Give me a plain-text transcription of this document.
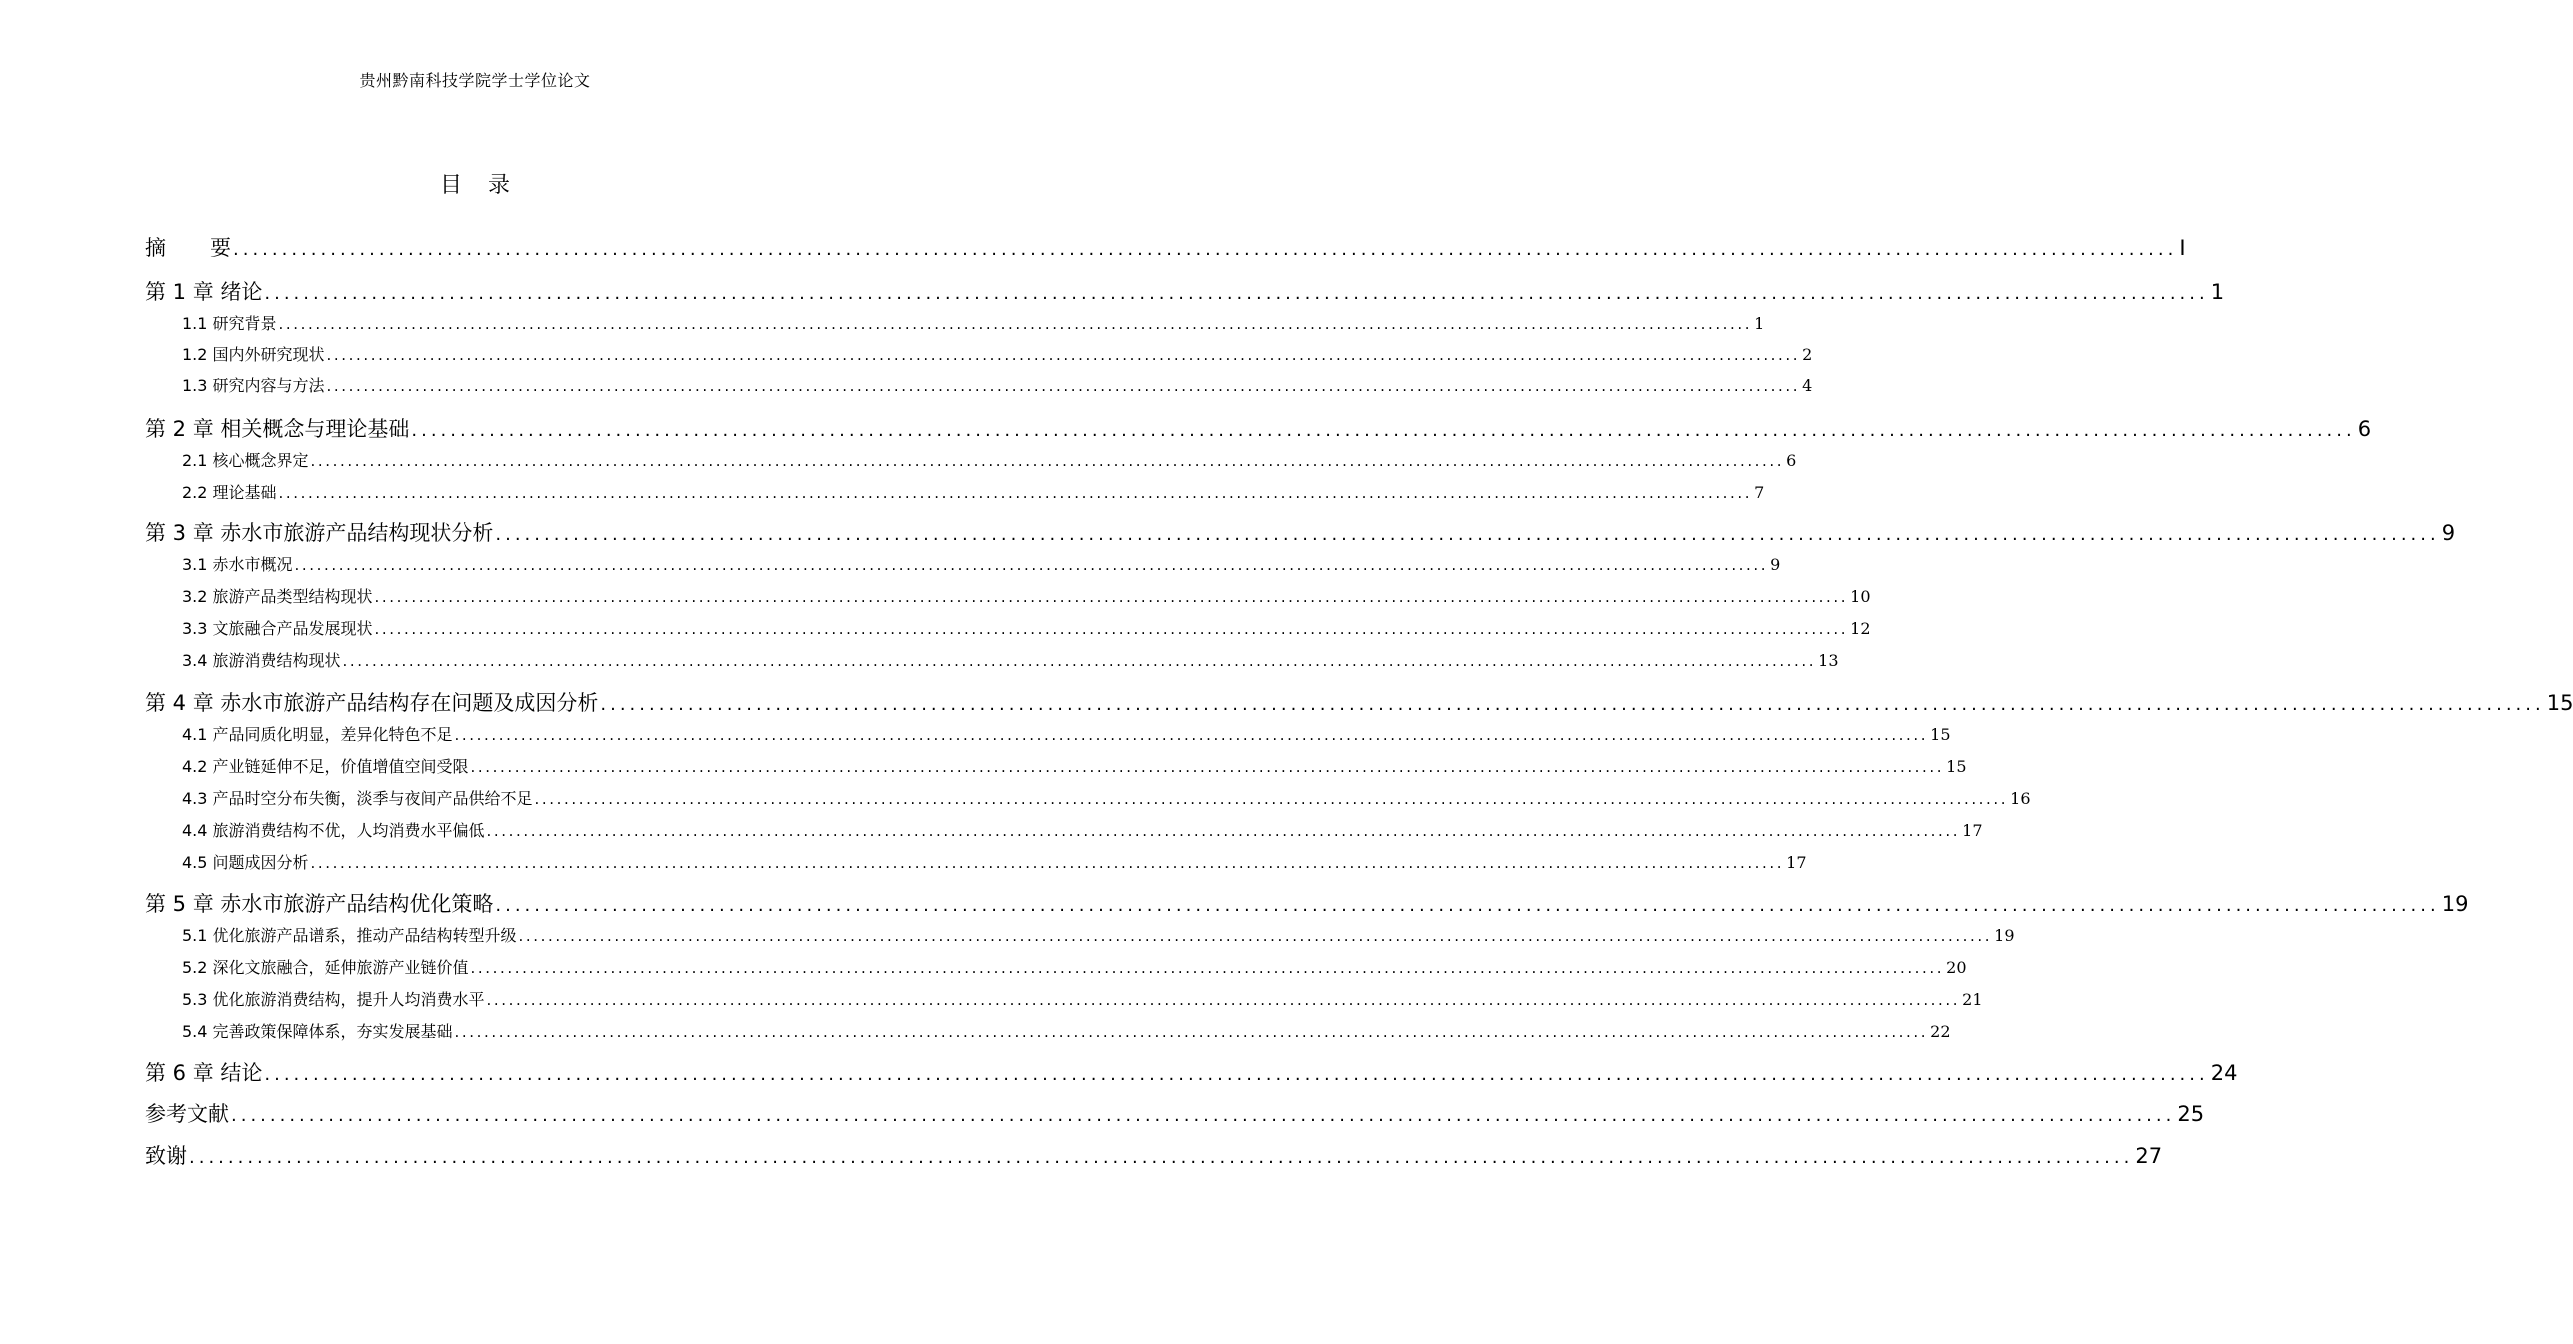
贵州黔南科技学院学士学位论文
目 录
摘 要 ........................................................................................................................................................................................................ I
第 1 章 绪论 ........................................................................................................................................................................................................ 1
1.1 研究背景 ........................................................................................................................................................................................................ 1
1.2 国内外研究现状 ........................................................................................................................................................................................................ 2
1.3 研究内容与方法 ........................................................................................................................................................................................................ 4
第 2 章 相关概念与理论基础 ........................................................................................................................................................................................................ 6
2.1 核心概念界定 ........................................................................................................................................................................................................ 6
2.2 理论基础 ........................................................................................................................................................................................................ 7
第 3 章 赤水市旅游产品结构现状分析 ........................................................................................................................................................................................................ 9
3.1 赤水市概况 ........................................................................................................................................................................................................ 9
3.2 旅游产品类型结构现状 ........................................................................................................................................................................................................ 10
3.3 文旅融合产品发展现状 ........................................................................................................................................................................................................ 12
3.4 旅游消费结构现状 ........................................................................................................................................................................................................ 13
第 4 章 赤水市旅游产品结构存在问题及成因分析 ........................................................................................................................................................................................................ 15
4.1 产品同质化明显，差异化特色不足 ........................................................................................................................................................................................................ 15
4.2 产业链延伸不足，价值增值空间受限 ........................................................................................................................................................................................................ 15
4.3 产品时空分布失衡，淡季与夜间产品供给不足 ........................................................................................................................................................................................................ 16
4.4 旅游消费结构不优，人均消费水平偏低 ........................................................................................................................................................................................................ 17
4.5 问题成因分析 ........................................................................................................................................................................................................ 17
第 5 章 赤水市旅游产品结构优化策略 ........................................................................................................................................................................................................ 19
5.1 优化旅游产品谱系，推动产品结构转型升级 ........................................................................................................................................................................................................ 19
5.2 深化文旅融合，延伸旅游产业链价值 ........................................................................................................................................................................................................ 20
5.3 优化旅游消费结构，提升人均消费水平 ........................................................................................................................................................................................................ 21
5.4 完善政策保障体系，夯实发展基础 ........................................................................................................................................................................................................ 22
第 6 章 结论 ........................................................................................................................................................................................................ 24
参考文献 ........................................................................................................................................................................................................ 25
致谢 ........................................................................................................................................................................................................ 27
